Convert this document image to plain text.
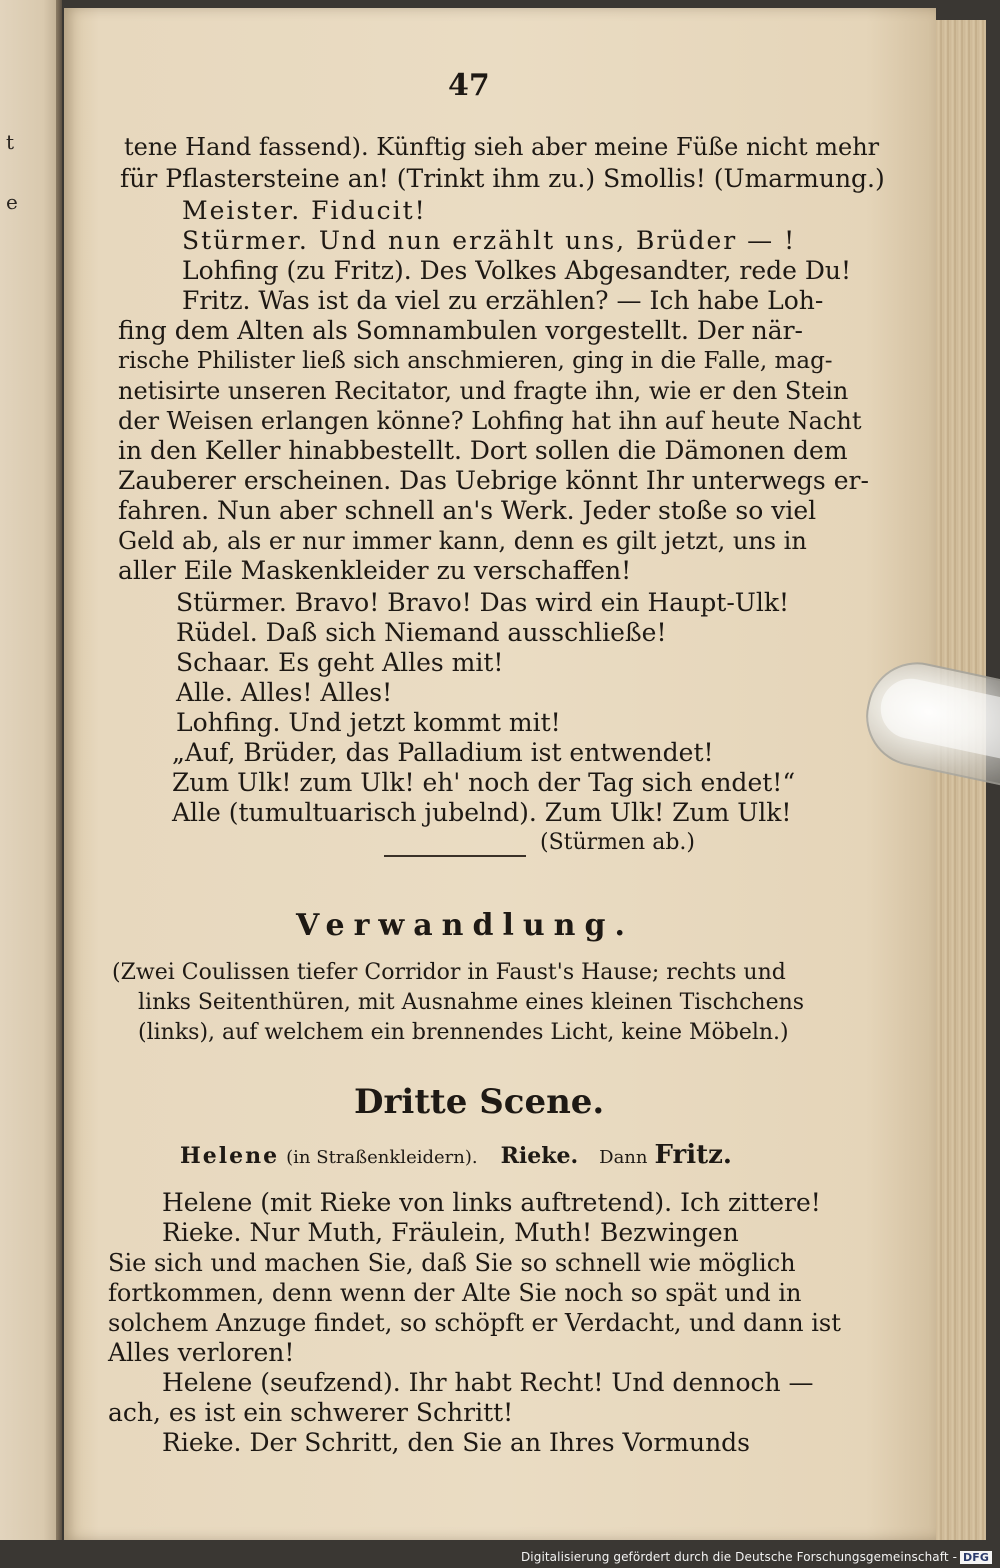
t
e
47
tene Hand fassend). Künftig sieh aber meine Füße nicht mehr
für Pflastersteine an! (Trinkt ihm zu.) Smollis! (Umarmung.)
Meister. Fiducit!
Stürmer. Und nun erzählt uns, Brüder — !
Lohfing (zu Fritz). Des Volkes Abgesandter, rede Du!
Fritz. Was ist da viel zu erzählen? — Ich habe Loh-
fing dem Alten als Somnambulen vorgestellt. Der när-
rische Philister ließ sich anschmieren, ging in die Falle, mag-
netisirte unseren Recitator, und fragte ihn, wie er den Stein
der Weisen erlangen könne? Lohfing hat ihn auf heute Nacht
in den Keller hinabbestellt. Dort sollen die Dämonen dem
Zauberer erscheinen. Das Uebrige könnt Ihr unterwegs er-
fahren. Nun aber schnell an's Werk. Jeder stoße so viel
Geld ab, als er nur immer kann, denn es gilt jetzt, uns in
aller Eile Maskenkleider zu verschaffen!
Stürmer. Bravo! Bravo! Das wird ein Haupt-Ulk!
Rüdel. Daß sich Niemand ausschließe!
Schaar. Es geht Alles mit!
Alle. Alles! Alles!
Lohfing. Und jetzt kommt mit!
„Auf, Brüder, das Palladium ist entwendet!
Zum Ulk! zum Ulk! eh' noch der Tag sich endet!“
Alle (tumultuarisch jubelnd). Zum Ulk! Zum Ulk!
(Stürmen ab.)
Verwandlung.
(Zwei Coulissen tiefer Corridor in Faust's Hause; rechts und
links Seitenthüren, mit Ausnahme eines kleinen Tischchens
(links), auf welchem ein brennendes Licht, keine Möbeln.)
Dritte Scene.
Helene (in Straßenkleidern). Rieke. Dann Fritz.
Helene (mit Rieke von links auftretend). Ich zittere!
Rieke. Nur Muth, Fräulein, Muth! Bezwingen
Sie sich und machen Sie, daß Sie so schnell wie möglich
fortkommen, denn wenn der Alte Sie noch so spät und in
solchem Anzuge findet, so schöpft er Verdacht, und dann ist
Alles verloren!
Helene (seufzend). Ihr habt Recht! Und dennoch —
ach, es ist ein schwerer Schritt!
Rieke. Der Schritt, den Sie an Ihres Vormunds
Digitalisierung gefördert durch die Deutsche Forschungsgemeinschaft - DFG
